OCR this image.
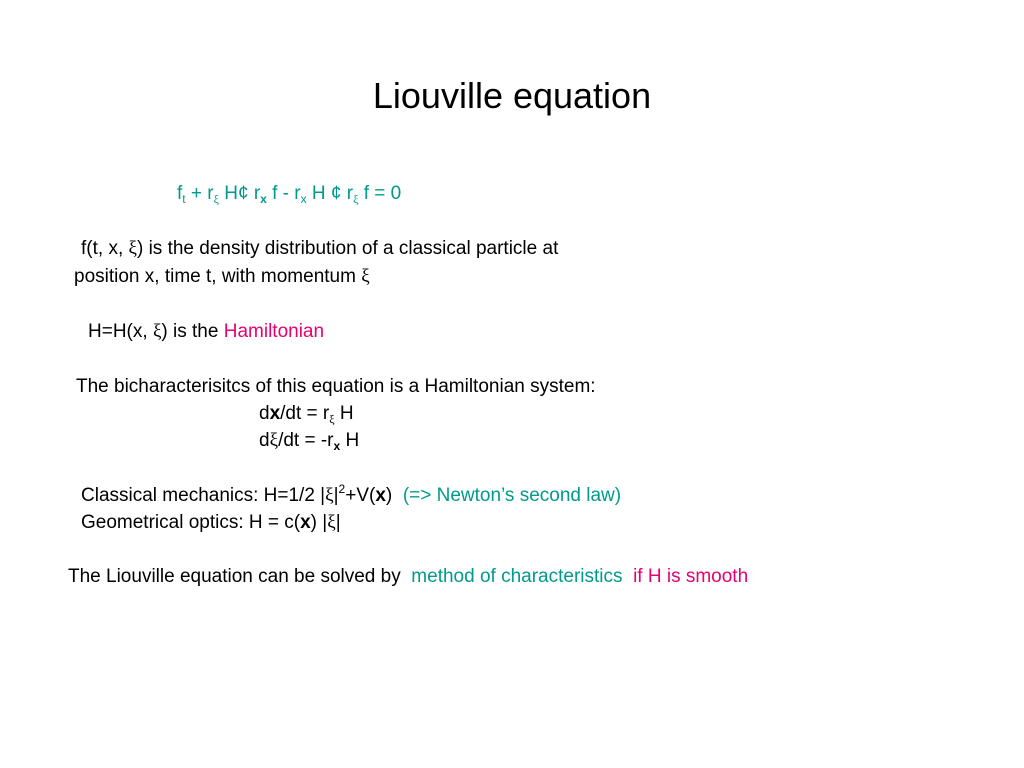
Liouville equation
$f_t + r_\xi$ H¢ $r_x$ f - $r_x$ H ¢ $r_\xi$ f = 0
f(t, x, ξ) is the density distribution of a classical particle at
position x, time t, with momentum ξ
H=H(x, ξ) is the Hamiltonian
The bicharacterisitcs of this equation is a Hamiltonian system:
$dx/dt = r_\xi$ H
$d\xi/dt = -r_x$ H
Classical mechanics: H=1/2 $|\xi|^2+V(x)$ (=> Newton’s second law)
Geometrical optics: H = c(x) |ξ|
The Liouville equation can be solved by  method of characteristics if H is smooth
